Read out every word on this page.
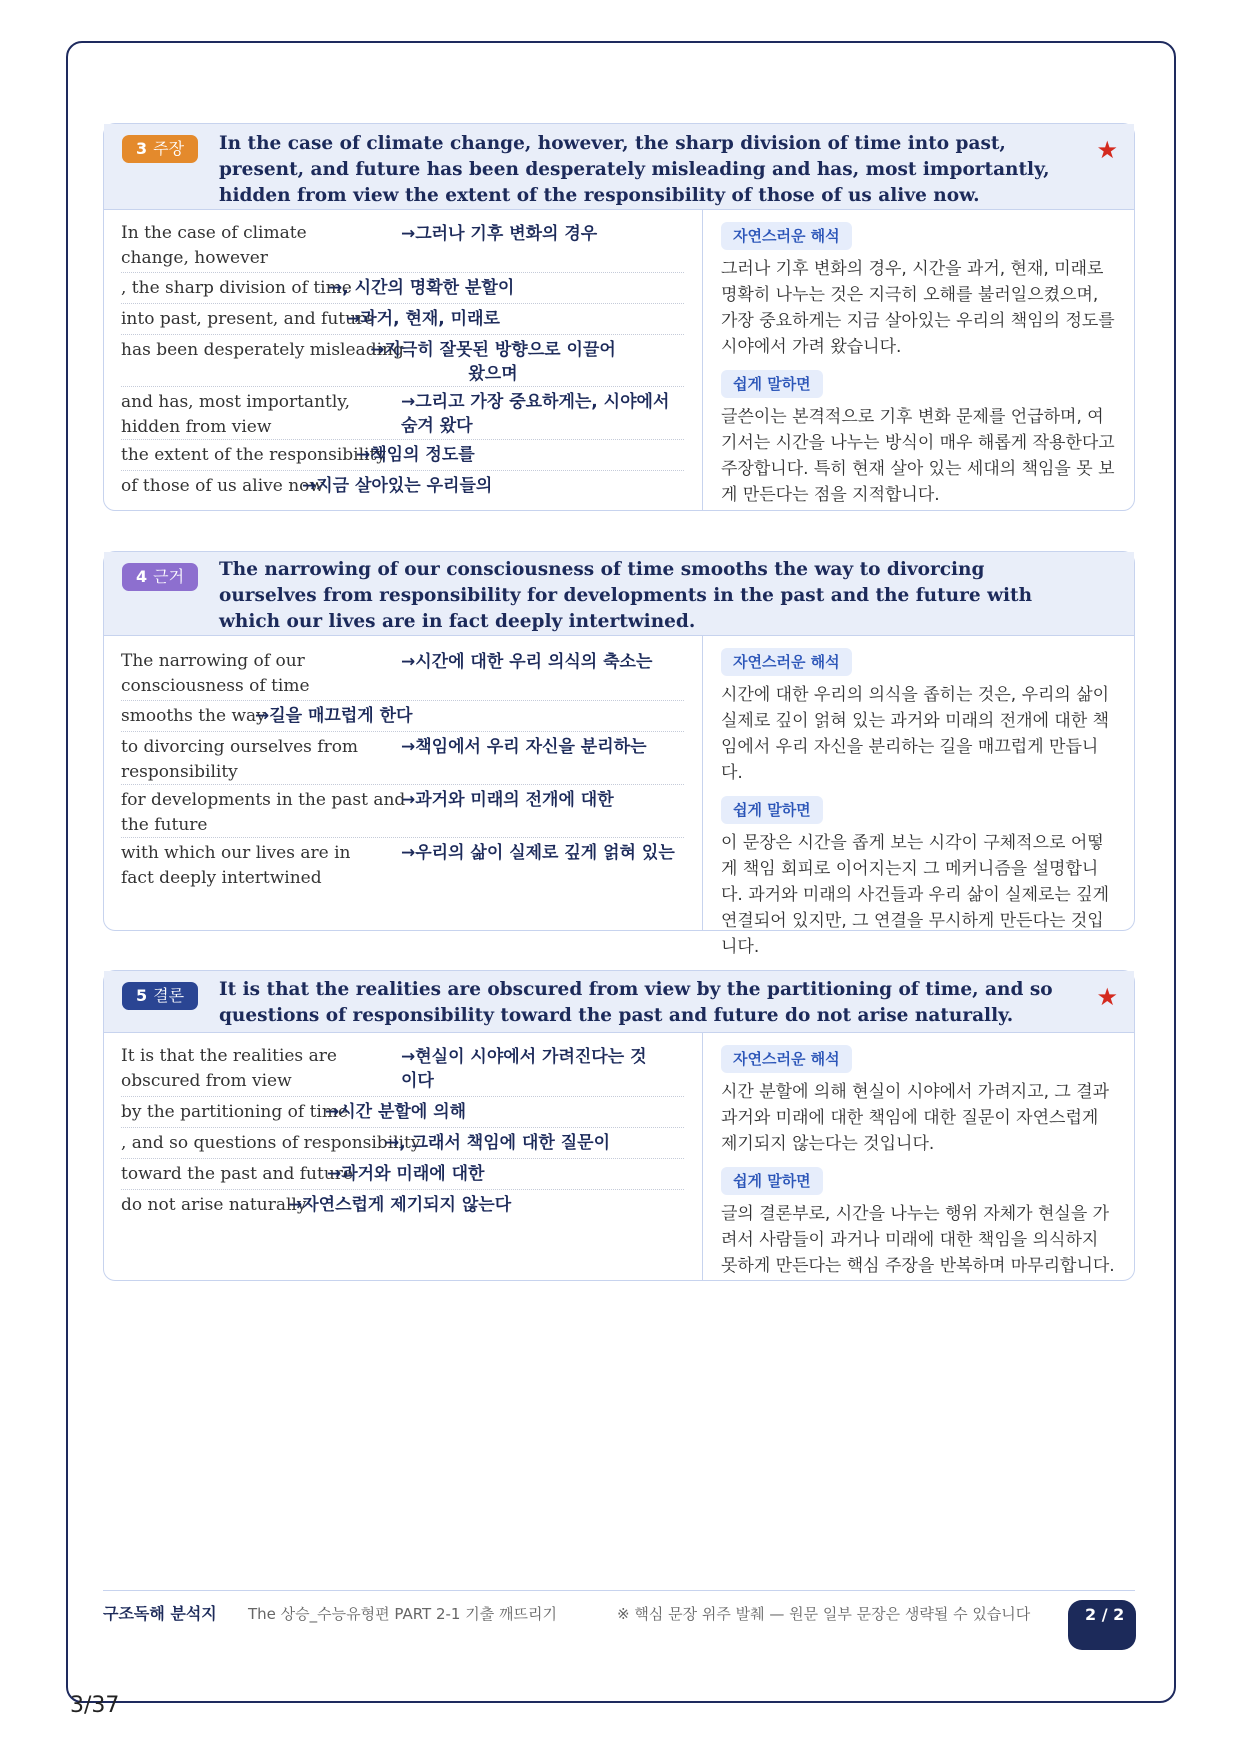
3 주장	In the case of climate change, however, the sharp division of time into past, present, and future has been desperately misleading and has, most importantly, hidden from view the extent of the responsibility of those of us alive now.
★
In the case of climate change, however
→그러나 기후 변화의 경우
, the sharp division of time
→, 시간의 명확한 분할이
into past, present, and future
→과거, 현재, 미래로
has been desperately misleading
→지극히 잘못된 방향으로 이끌어 왔으며
and has, most importantly, hidden from view
→그리고 가장 중요하게는, 시야에서 숨겨 왔다
the extent of the responsibility
→책임의 정도를
of those of us alive now
→지금 살아있는 우리들의
자연스러운 해석
그러나 기후 변화의 경우, 시간을 과거, 현재, 미래로 명확히 나누는 것은 지극히 오해를 불러일으켰으며, 가장 중요하게는 지금 살아있는 우리의 책임의 정도를 시야에서 가려 왔습니다.
쉽게 말하면
글쓴이는 본격적으로 기후 변화 문제를 언급하며, 여기서는 시간을 나누는 방식이 매우 해롭게 작용한다고 주장합니다. 특히 현재 살아 있는 세대의 책임을 못 보게 만든다는 점을 지적합니다.
4 근거	The narrowing of our consciousness of time smooths the way to divorcing ourselves from responsibility for developments in the past and the future with which our lives are in fact deeply intertwined.
The narrowing of our consciousness of time
→시간에 대한 우리 의식의 축소는
smooths the way
→길을 매끄럽게 한다
to divorcing ourselves from responsibility
→책임에서 우리 자신을 분리하는
for developments in the past and the future
→과거와 미래의 전개에 대한
with which our lives are in fact deeply intertwined
→우리의 삶이 실제로 깊게 얽혀 있는
자연스러운 해석
시간에 대한 우리의 의식을 좁히는 것은, 우리의 삶이 실제로 깊이 얽혀 있는 과거와 미래의 전개에 대한 책임에서 우리 자신을 분리하는 길을 매끄럽게 만듭니다.
쉽게 말하면
이 문장은 시간을 좁게 보는 시각이 구체적으로 어떻게 책임 회피로 이어지는지 그 메커니즘을 설명합니다. 과거와 미래의 사건들과 우리 삶이 실제로는 깊게 연결되어 있지만, 그 연결을 무시하게 만든다는 것입니다.
5 결론	It is that the realities are obscured from view by the partitioning of time, and so questions of responsibility toward the past and future do not arise naturally.
★
It is that the realities are obscured from view
→현실이 시야에서 가려진다는 것이다
by the partitioning of time
→시간 분할에 의해
, and so questions of responsibility
→, 그래서 책임에 대한 질문이
toward the past and future
→과거와 미래에 대한
do not arise naturally
→자연스럽게 제기되지 않는다
자연스러운 해석
시간 분할에 의해 현실이 시야에서 가려지고, 그 결과 과거와 미래에 대한 책임에 대한 질문이 자연스럽게 제기되지 않는다는 것입니다.
쉽게 말하면
글의 결론부로, 시간을 나누는 행위 자체가 현실을 가려서 사람들이 과거나 미래에 대한 책임을 의식하지 못하게 만든다는 핵심 주장을 반복하며 마무리합니다.
구조독해 분석지 The 상승_수능유형편 PART 2-1 기출 깨뜨리기	※ 핵심 문장 위주 발췌 — 원문 일부 문장은 생략될 수 있습니다	2 / 2
3/37
